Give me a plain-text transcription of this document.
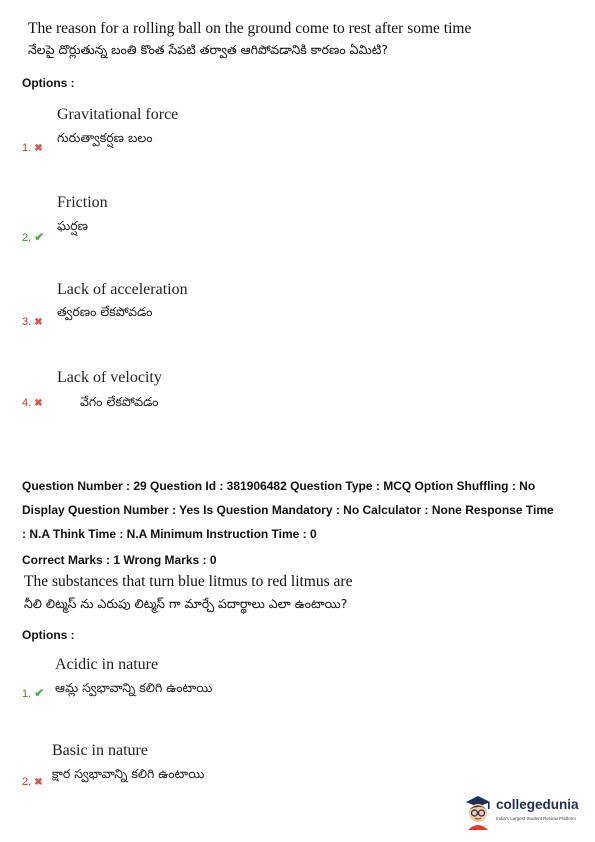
The reason for a rolling ball on the ground come to rest after some time
నేలపై దొర్లుతున్న బంతి కొంత సేపటి తర్వాత ఆగిపోవడానికి కారణం ఏమిటి?
Options :
Gravitational force
గురుత్వాకర్షణ బలం
1. ✖
Friction
ఘర్షణ
2. ✔
Lack of acceleration
త్వరణం లేకపోవడం
3. ✖
Lack of velocity
వేగం లేకపోవడం
4. ✖
Question Number : 29 Question Id : 381906482 Question Type : MCQ Option Shuffling : No
Display Question Number : Yes Is Question Mandatory : No Calculator : None Response Time
: N.A Think Time : N.A Minimum Instruction Time : 0
Correct Marks : 1 Wrong Marks : 0
The substances that turn blue litmus to red litmus are
నీలి లిట్మస్ ను ఎరుపు లిట్మస్ గా మార్చే పదార్థాలు ఎలా ఉంటాయి?
Options :
Acidic in nature
ఆమ్ల స్వభావాన్ని కలిగి ఉంటాయి
1. ✔
Basic in nature
క్షార స్వభావాన్ని కలిగి ఉంటాయి
2. ✖
collegedunia
India's Largest Student Review Platform
